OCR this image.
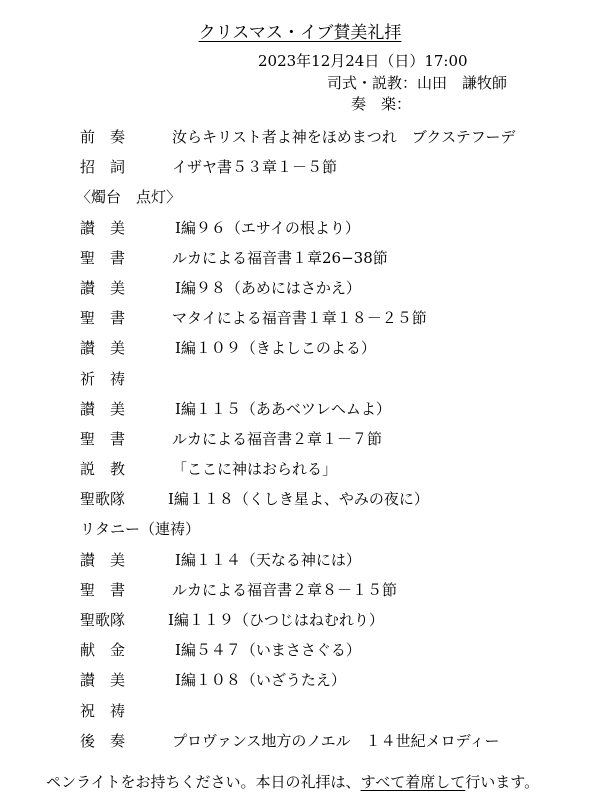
クリスマス・イブ賛美礼拝
2023年12月24日（日）17:00
司式・説教：山田　謙牧師
奏　楽：
前　奏	汝らキリスト者よ神をほめまつれ　ブクステフーデ
招　詞	イザヤ書５３章１－５節
〈燭台　点灯〉
讃　美	Ⅰ編９６（エサイの根より）
聖　書	ルカによる福音書１章26−38節
讃　美	Ⅰ編９８（あめにはさかえ）
聖　書	マタイによる福音書１章１８－２５節
讃　美	Ⅰ編１０９（きよしこのよる）
祈　祷
讃　美	Ⅰ編１１５（ああベツレヘムよ）
聖　書	ルカによる福音書２章１－７節
説　教	「ここに神はおられる」
聖歌隊	Ⅰ編１１８（くしき星よ、やみの夜に）
リタニー（連祷）
讃　美	Ⅰ編１１４（天なる神には）
聖　書	ルカによる福音書２章８－１５節
聖歌隊	Ⅰ編１１９（ひつじはねむれり）
献　金	Ⅰ編５４７（いまささぐる）
讃　美	Ⅰ編１０８（いざうたえ）
祝　祷
後　奏	プロヴァンス地方のノエル　１４世紀メロディー
ペンライトをお持ちください。本日の礼拝は、すべて着席して行います。
